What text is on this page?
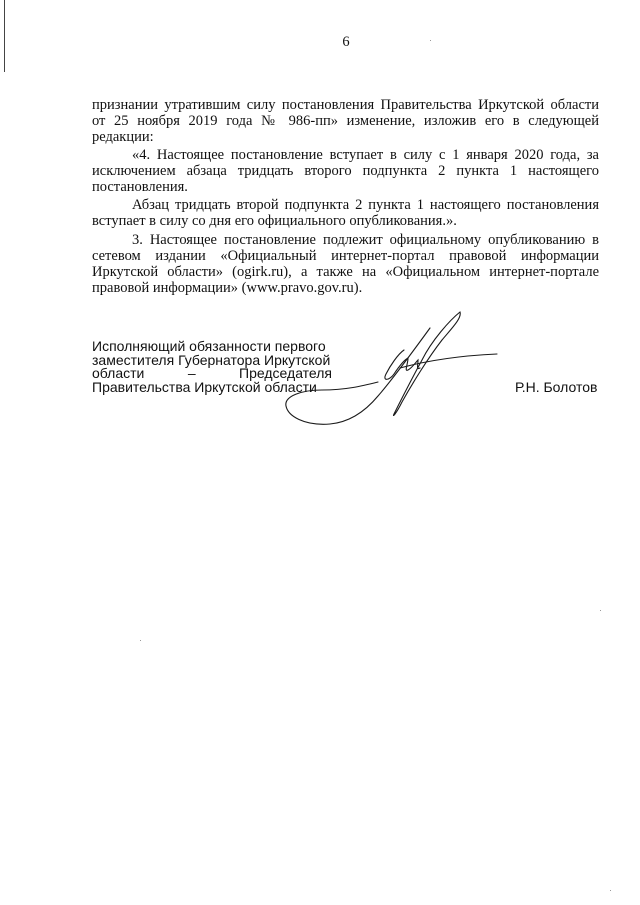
6

признании утратившим силу постановления Правительства Иркутской области от 25 ноября 2019 года № 986-пп» изменение, изложив его в следующей редакции:

«4. Настоящее постановление вступает в силу с 1 января 2020 года, за исключением абзаца тридцать второго подпункта 2 пункта 1 настоящего постановления.

Абзац тридцать второй подпункта 2 пункта 1 настоящего постановления вступает в силу со дня его официального опубликования.».

3. Настоящее постановление подлежит официальному опубликованию в сетевом издании «Официальный интернет-портал правовой информации Иркутской области» (ogirk.ru), а также на «Официальном интернет-портале правовой информации» (www.pravo.gov.ru).

Исполняющий обязанности первого
заместителя Губернатора Иркутской
области	–	Председателя
Правительства Иркутской области	Р.Н. Болотов
